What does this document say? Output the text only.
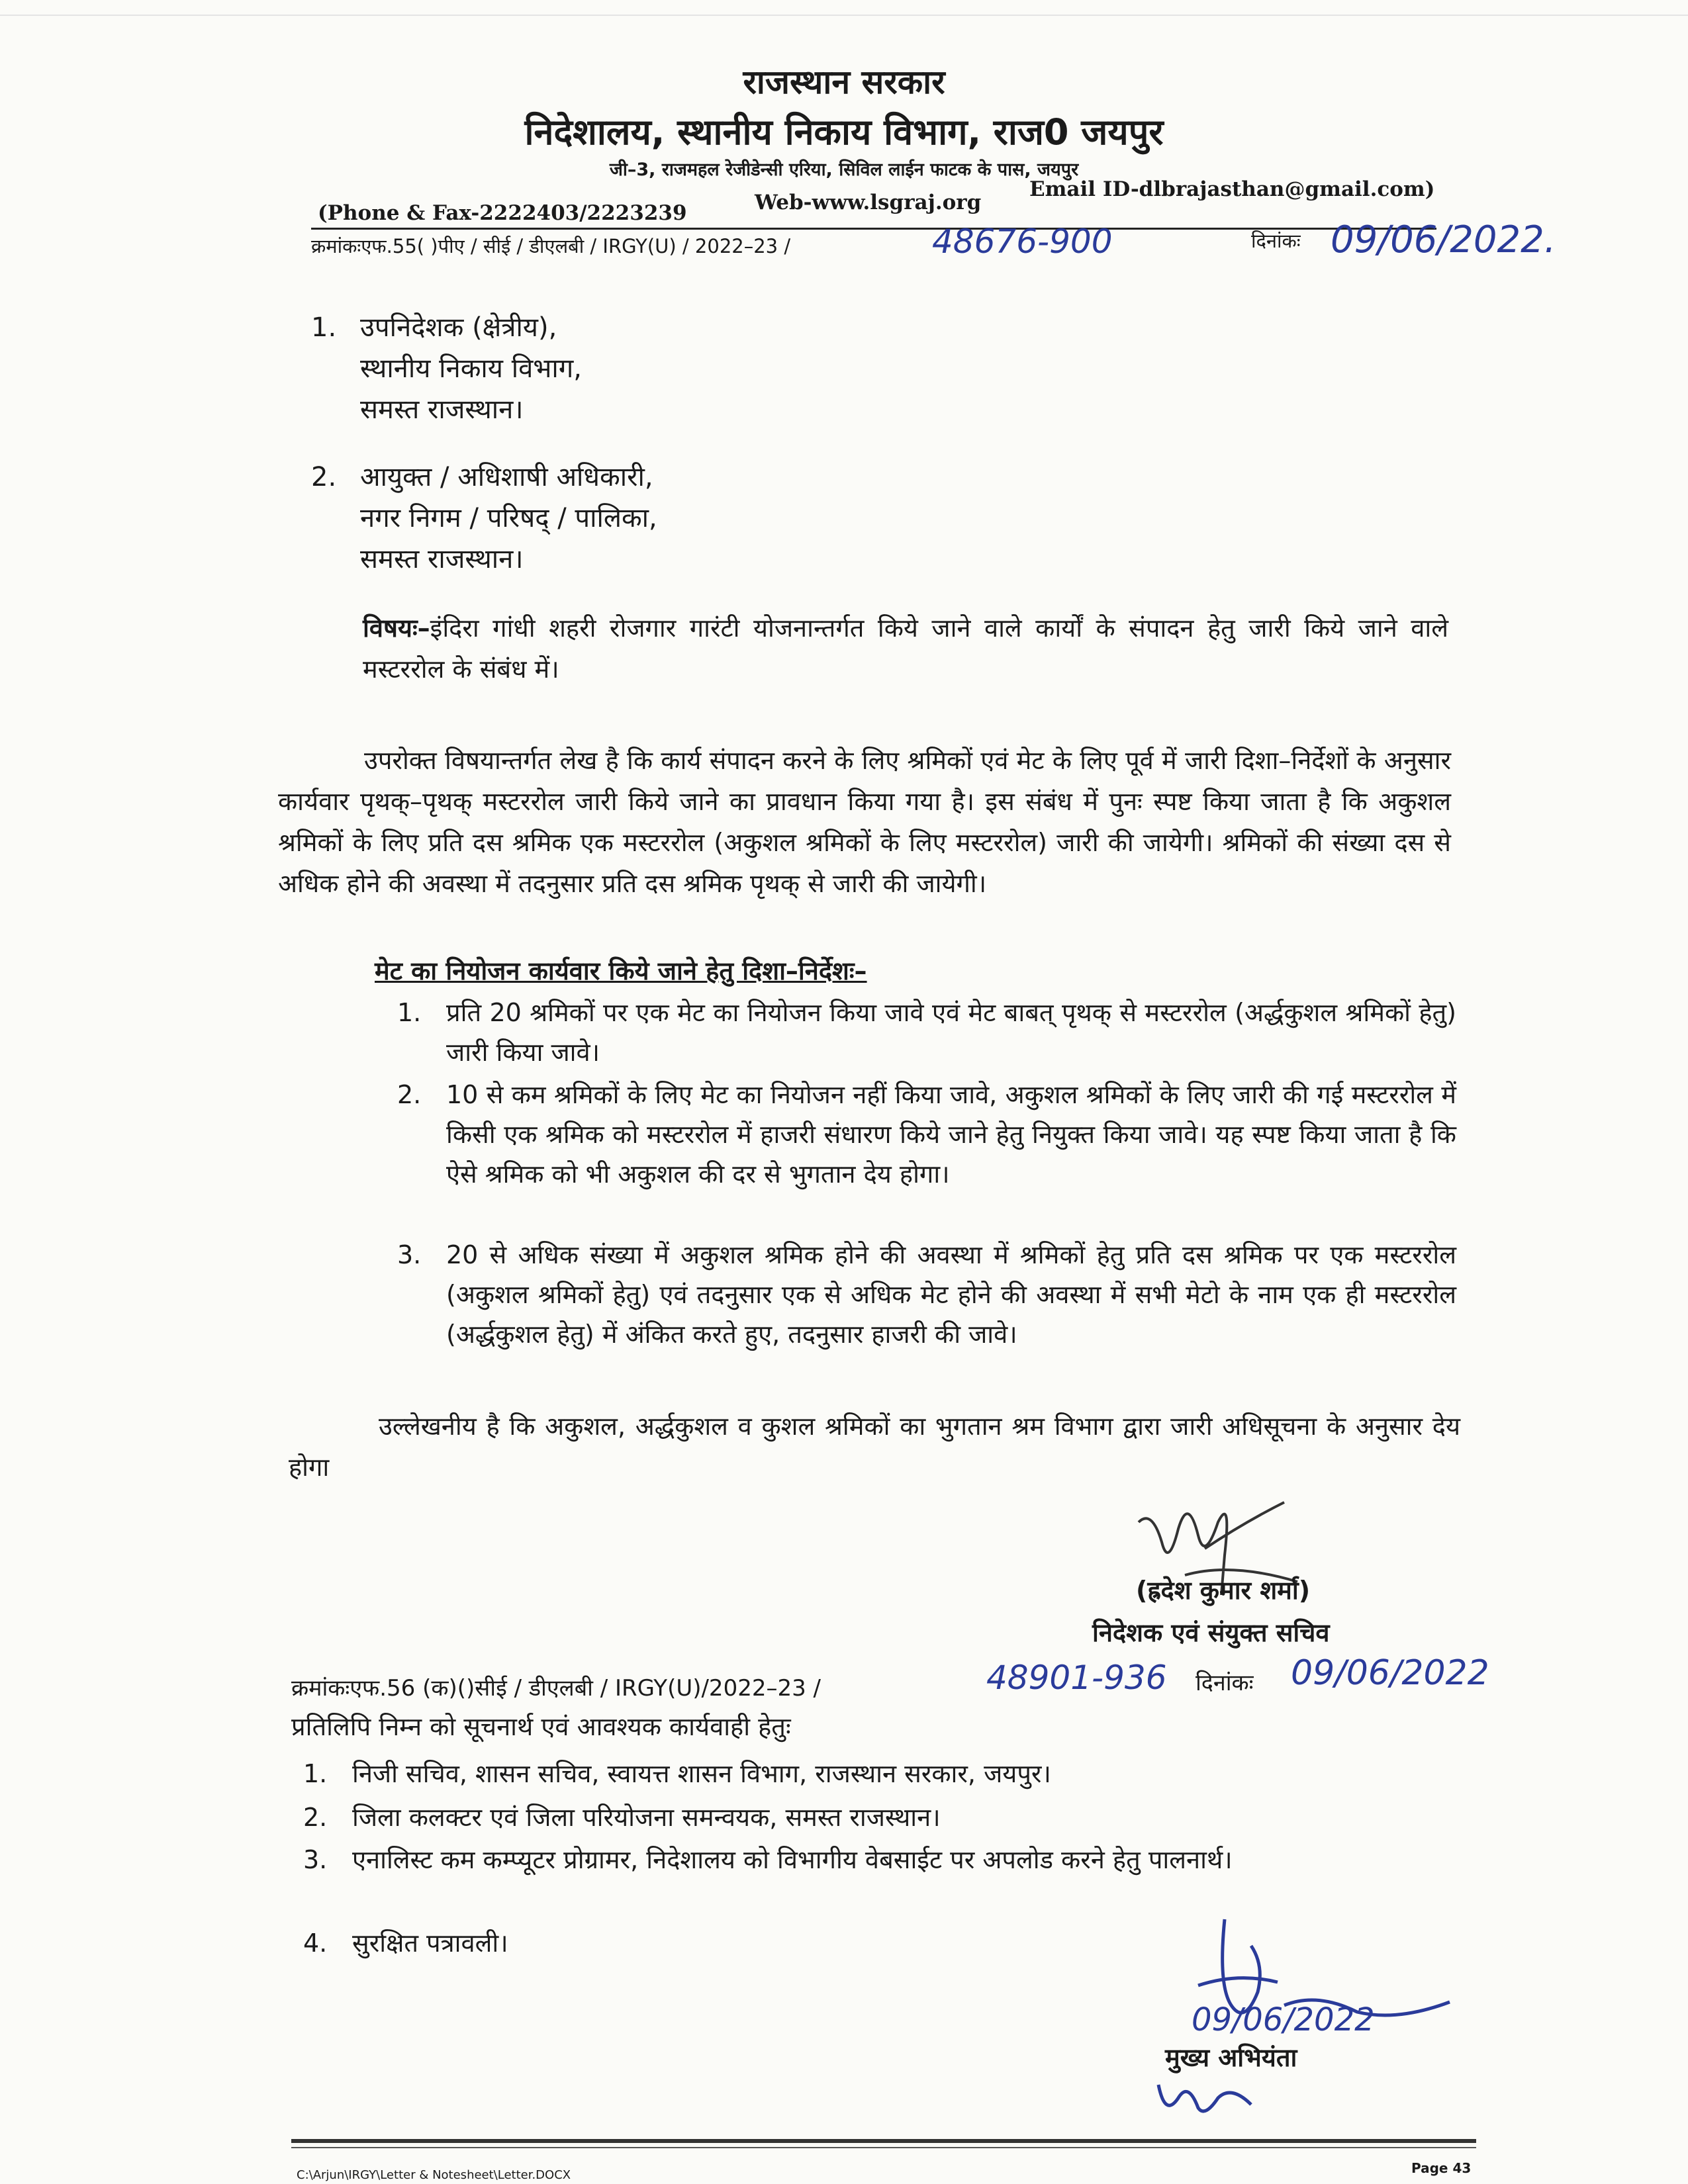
राजस्थान सरकार
निदेशालय, स्थानीय निकाय विभाग, राज0 जयपुर
जी–3, राजमहल रेजीडेन्सी एरिया, सिविल लाईन फाटक के पास, जयपुर
(Phone & Fax-2222403/2223239	Web-www.lsgraj.org
Email ID-dlbrajasthan@gmail.com)
क्रमांकःएफ.55( )पीए / सीई / डीएलबी / IRGY(U) / 2022–23 /	48676-900	दिनांकः 09/06/2022.
1. उपनिदेशक (क्षेत्रीय),
स्थानीय निकाय विभाग,
समस्त राजस्थान।
2. आयुक्त / अधिशाषी अधिकारी,
नगर निगम / परिषद् / पालिका,
समस्त राजस्थान।
विषयः–इंदिरा गांधी शहरी रोजगार गारंटी योजनान्तर्गत किये जाने वाले कार्यों के संपादन हेतु जारी किये जाने वाले मस्टररोल के संबंध में।
उपरोक्त विषयान्तर्गत लेख है कि कार्य संपादन करने के लिए श्रमिकों एवं मेट के लिए पूर्व में जारी दिशा–निर्देशों के अनुसार कार्यवार पृथक्–पृथक् मस्टररोल जारी किये जाने का प्रावधान किया गया है। इस संबंध में पुनः स्पष्ट किया जाता है कि अकुशल श्रमिकों के लिए प्रति दस श्रमिक एक मस्टररोल (अकुशल श्रमिकों के लिए मस्टररोल) जारी की जायेगी। श्रमिकों की संख्या दस से अधिक होने की अवस्था में तदनुसार प्रति दस श्रमिक पृथक् से जारी की जायेगी।
मेट का नियोजन कार्यवार किये जाने हेतु दिशा–निर्देशः–
1. प्रति 20 श्रमिकों पर एक मेट का नियोजन किया जावे एवं मेट बाबत् पृथक् से मस्टररोल (अर्द्धकुशल श्रमिकों हेतु) जारी किया जावे।
2. 10 से कम श्रमिकों के लिए मेट का नियोजन नहीं किया जावे, अकुशल श्रमिकों के लिए जारी की गई मस्टररोल में किसी एक श्रमिक को मस्टररोल में हाजरी संधारण किये जाने हेतु नियुक्त किया जावे। यह स्पष्ट किया जाता है कि ऐसे श्रमिक को भी अकुशल की दर से भुगतान देय होगा।
3. 20 से अधिक संख्या में अकुशल श्रमिक होने की अवस्था में श्रमिकों हेतु प्रति दस श्रमिक पर एक मस्टररोल (अकुशल श्रमिकों हेतु) एवं तदनुसार एक से अधिक मेट होने की अवस्था में सभी मेटो के नाम एक ही मस्टररोल (अर्द्धकुशल हेतु) में अंकित करते हुए, तदनुसार हाजरी की जावे।
उल्लेखनीय है कि अकुशल, अर्द्धकुशल व कुशल श्रमिकों का भुगतान श्रम विभाग द्वारा जारी अधिसूचना के अनुसार देय होगा
(ह्रदेश कुमार शर्मा)
निदेशक एवं संयुक्त सचिव
क्रमांकःएफ.56 (क)()सीई / डीएलबी / IRGY(U)/2022–23 /	48901-936 दिनांकः 09/06/2022
प्रतिलिपि निम्न को सूचनार्थ एवं आवश्यक कार्यवाही हेतुः
1. निजी सचिव, शासन सचिव, स्वायत्त शासन विभाग, राजस्थान सरकार, जयपुर।
2. जिला कलक्टर एवं जिला परियोजना समन्वयक, समस्त राजस्थान।
3. एनालिस्ट कम कम्प्यूटर प्रोग्रामर, निदेशालय को विभागीय वेबसाईट पर अपलोड करने हेतु पालनार्थ।
4. सुरक्षित पत्रावली।
09/06/2022
मुख्य अभियंता
C:\Arjun\IRGY\Letter & Notesheet\Letter.DOCX	Page 43
